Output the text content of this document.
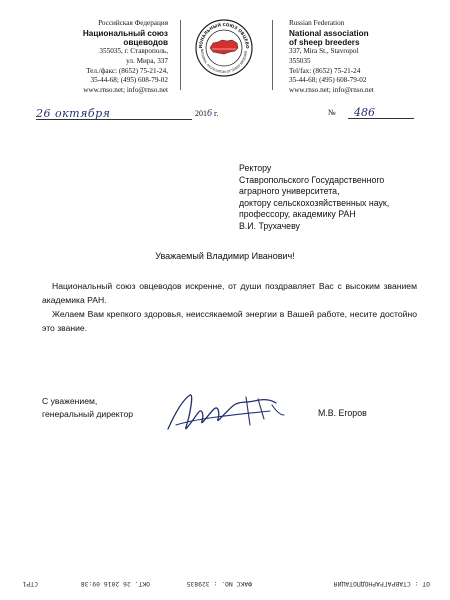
Российская Федерация
Национальный союз
овцеводов
355035, г. Ставрополь,
ул. Мира, 337
Тел./факс: (8652) 75-21-24,
35-44-68; (495) 608-79-02
www.rnso.net; info@rnso.net
ИОНАЛЬНЫЙ СОЮЗ ОВЦЕВО
NATIONAL ASSOCIATION OF SHEEP BREEDER
Russian Federation
National association
of sheep breeders
337, Mira St., Stavropol
355035
Tel/fax: (8652) 75-21-24
35-44-68; (495) 608-79-02
www.rnso.net; info@rnso.net
26 октября	2016 г.	№	486
Ректору
Ставропольского Государственного
аграрного университета,
доктору сельскохозяйственных наук,
профессору, академику РАН
В.И. Трухачеву
Уважаемый Владимир Иванович!

Национальный союз овцеводов искренне, от души поздравляет Вас с высоким званием академика РАН.

Желаем Вам крепкого здоровья, неиссякаемой энергии в Вашей работе, несите достойно это звание.

С уважением,
генеральный директор	М.В. Егоров
ОТ : СТАВРАГРАРНОДПОТАЦИЯ
ФАКС NO. : 329835
ОКТ. 26 2016 09:38
СТР1
